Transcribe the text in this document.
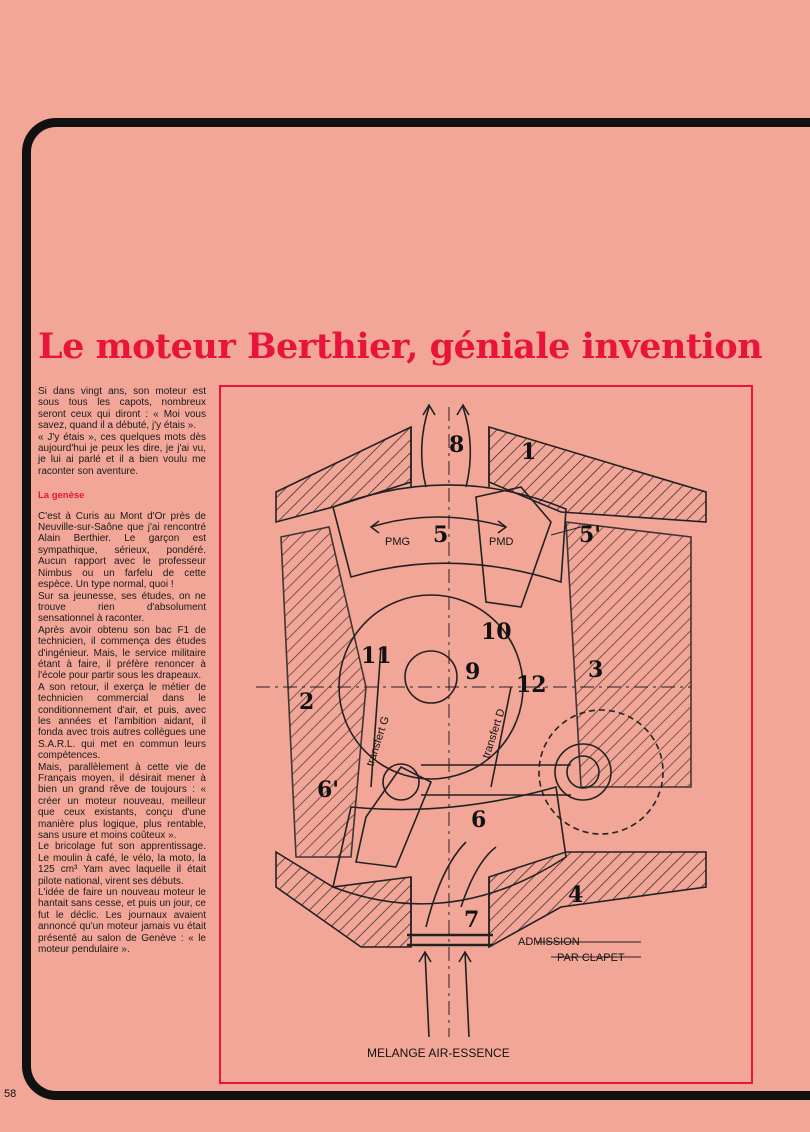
Le moteur Berthier, géniale invention

Si dans vingt ans, son moteur est sous tous les capots, nombreux seront ceux qui diront : « Moi vous savez, quand il a débuté, j'y étais ».

« J'y étais », ces quelques mots dès aujourd'hui je peux les dire, je j'ai vu, je lui ai parlé et il a bien voulu me raconter son aventure.

La genèse

C'est à Curis au Mont d'Or près de Neuville-sur-Saône que j'ai rencontré Alain Berthier. Le garçon est sympathique, sérieux, pondéré. Aucun rapport avec le professeur Nimbus ou un farfelu de cette espèce. Un type normal, quoi !

Sur sa jeunesse, ses études, on ne trouve rien d'absolument sensationnel à raconter.

Après avoir obtenu son bac F1 de technicien, il commença des études d'ingénieur. Mais, le service militaire étant à faire, il préfère renoncer à l'école pour partir sous les drapeaux.

A son retour, il exerça le métier de technicien commercial dans le conditionnement d'air, et puis, avec les années et l'ambition aidant, il fonda avec trois autres collègues une S.A.R.L. qui met en commun leurs compétences.

Mais, parallèlement à cette vie de Français moyen, il désirait mener à bien un grand rêve de toujours : « créer un moteur nouveau, meilleur que ceux existants, conçu d'une manière plus logique, plus rentable, sans usure et moins coûteux ».

Le bricolage fut son apprentissage. Le moulin à café, le vélo, la moto, la 125 cm³ Yam avec laquelle il était pilote national, virent ses débuts.

L'idée de faire un nouveau moteur le hantait sans cesse, et puis un jour, ce fut le déclic. Les journaux avaient annoncé qu'un moteur jamais vu était présenté au salon de Genève : « le moteur pendulaire ».

8	1
5	5'
10
9
11
12
3
2
6'
6
7
4
PMG	PMD
transfert G	transfert D
ADMISSION
PAR CLAPET
MELANGE AIR-ESSENCE
58
